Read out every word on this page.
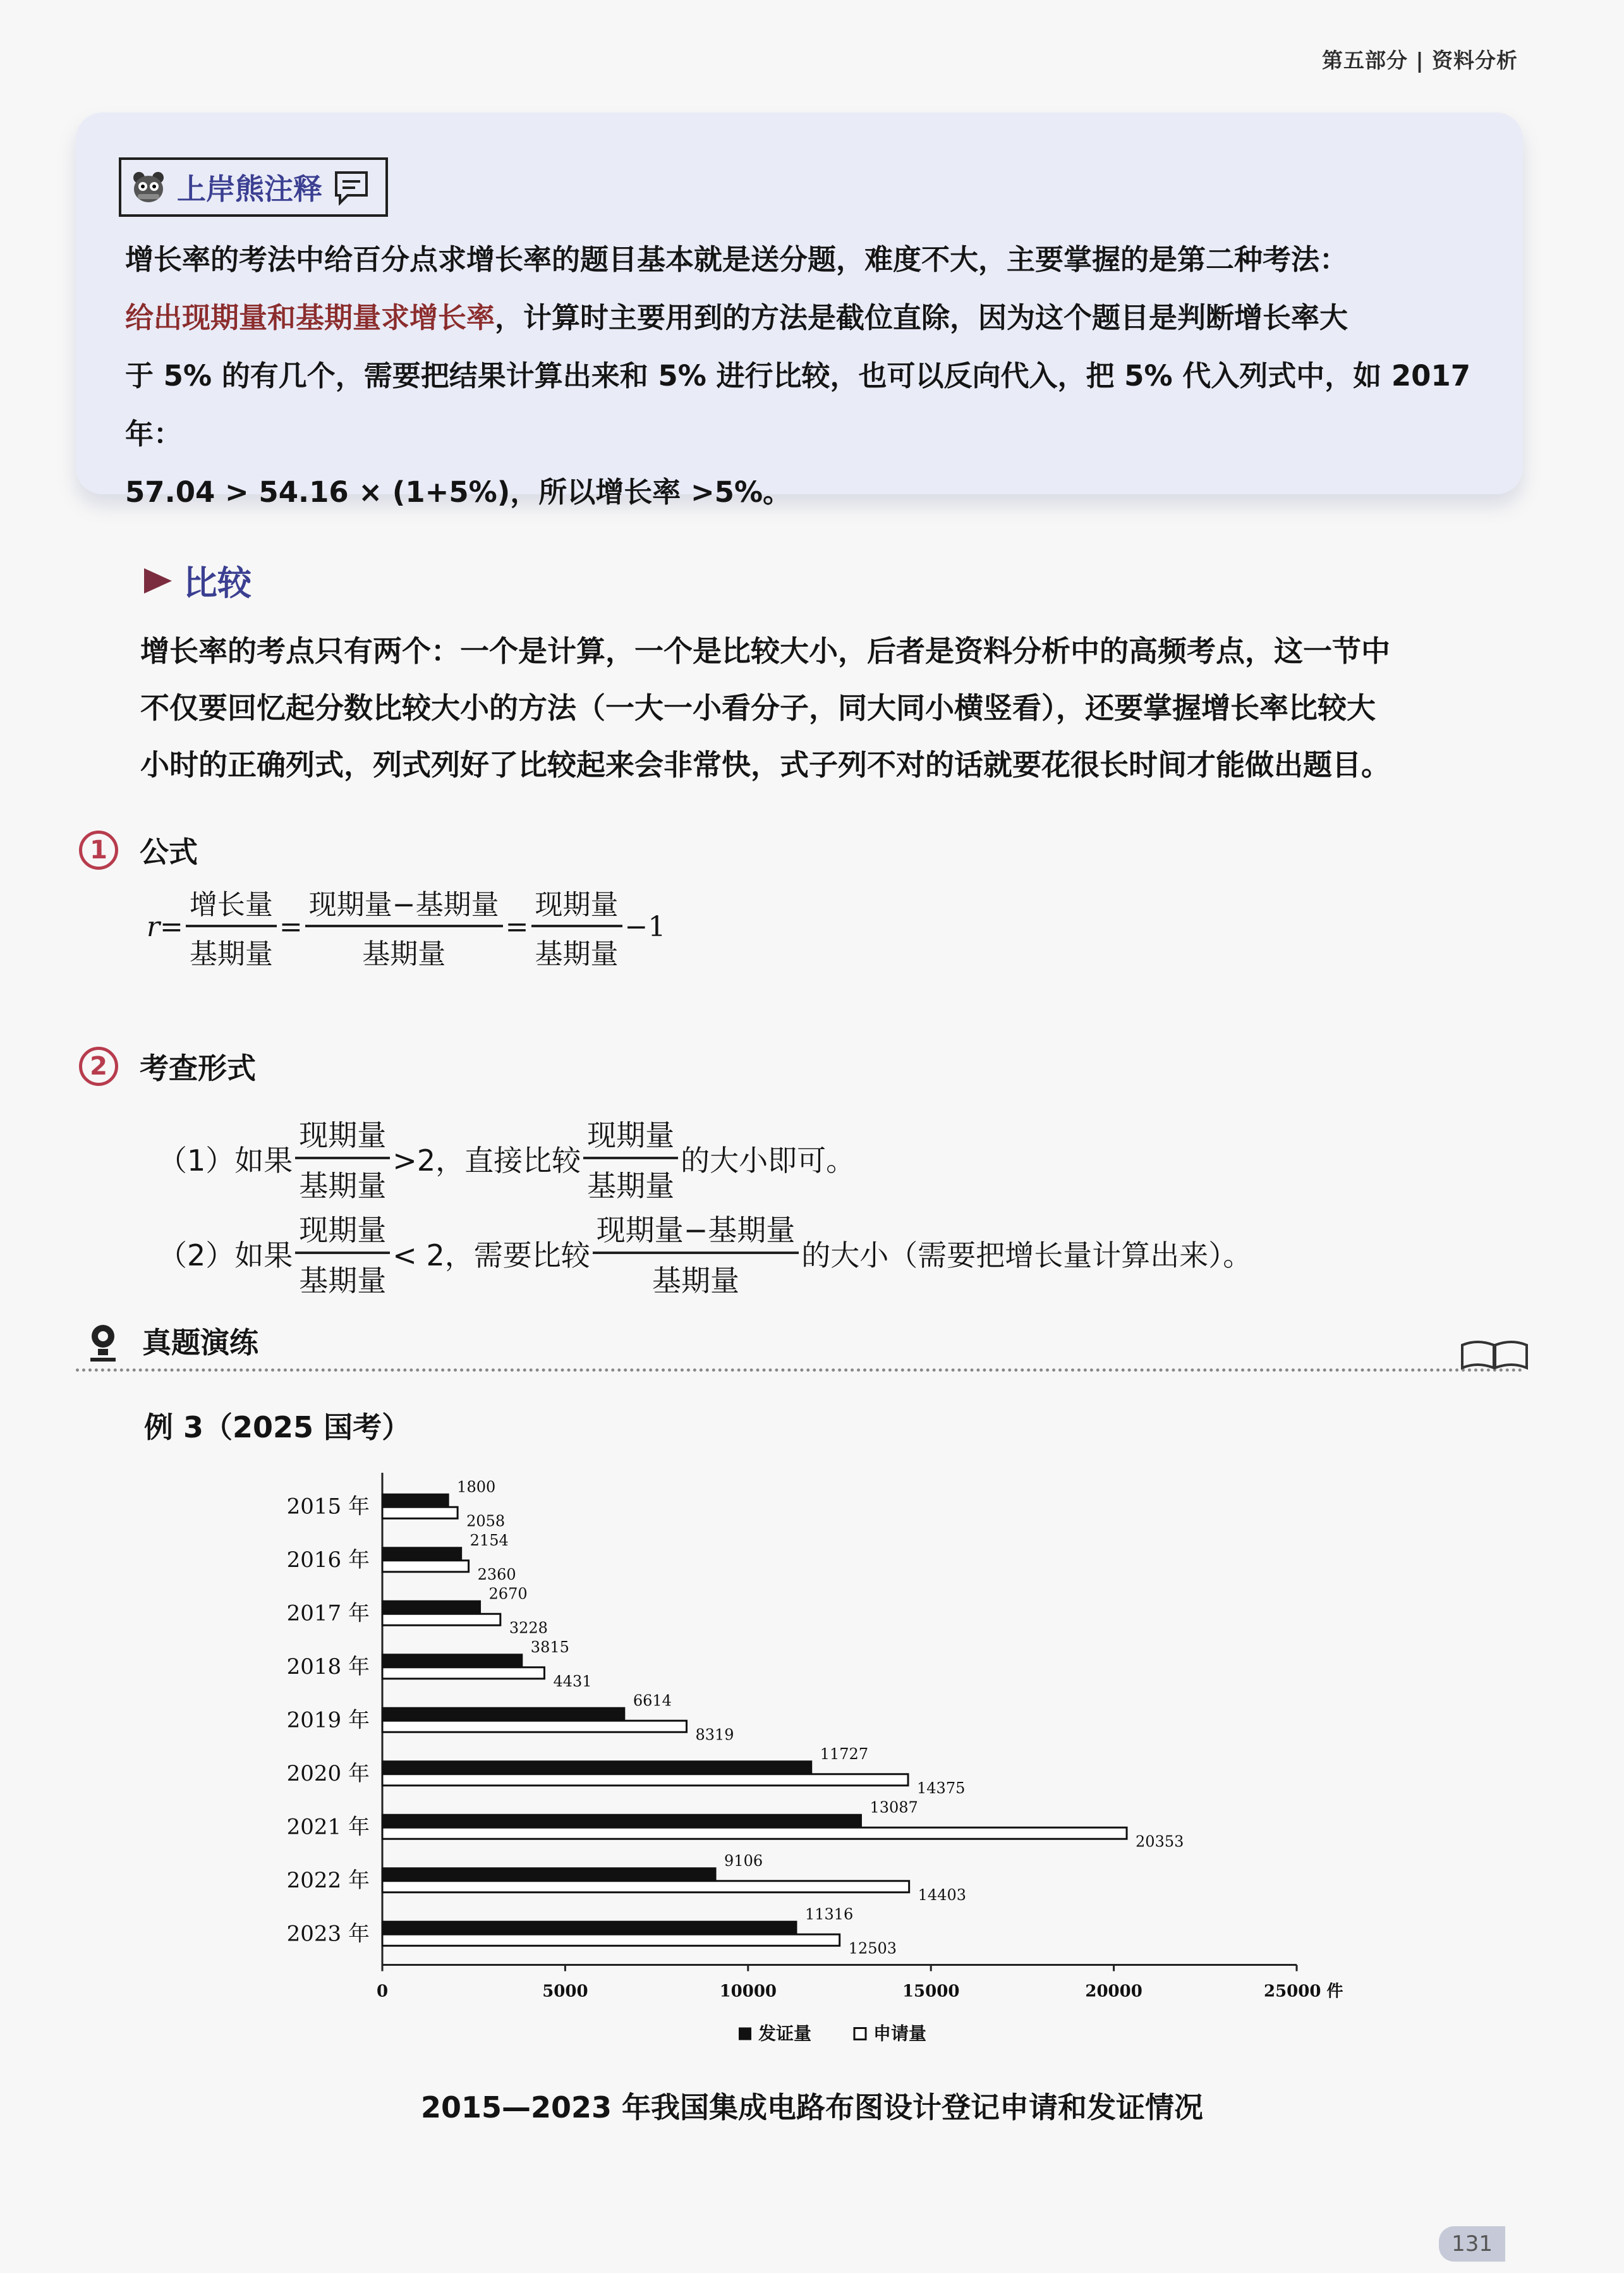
第五部分 | 资料分析
上岸熊注释
增长率的考法中给百分点求增长率的题目基本就是送分题，难度不大，主要掌握的是第二种考法：
给出现期量和基期量求增长率，计算时主要用到的方法是截位直除，因为这个题目是判断增长率大
于 5% 的有几个，需要把结果计算出来和 5% 进行比较，也可以反向代入，把 5% 代入列式中，如 2017 年：
57.04 > 54.16 × (1+5%)，所以增长率 >5%。
比较
增长率的考点只有两个：一个是计算，一个是比较大小，后者是资料分析中的高频考点，这一节中
不仅要回忆起分数比较大小的方法（一大一小看分子，同大同小横竖看），还要掌握增长率比较大
小时的正确列式，列式列好了比较起来会非常快，式子列不对的话就要花很长时间才能做出题目。
1	公式
$r = \frac{\text{增长量}}{\text{基期量}} = \frac{\text{现期量−基期量}}{\text{基期量}} = \frac{\text{现期量}}{\text{基期量}} -1$
2	考查形式
（1）如果 $\frac{\text{现期量}}{\text{基期量}} >2$，直接比较 $\frac{\text{现期量}}{\text{基期量}}$ 的大小即可。
（2）如果 $\frac{\text{现期量}}{\text{基期量}} < 2$，需要比较 $\frac{\text{现期量−基期量}}{\text{基期量}}$ 的大小（需要把增长量计算出来）。
真题演练
例 3（2025 国考）
2015 年
1800
2058
2016 年
2154
2360
2017 年
2670
3228
2018 年
3815
4431
2019 年
6614
8319
2020 年
11727
14375
2021 年
13087
20353
2022 年
9106
14403
2023 年
11316
12503
0	5000	10000	15000	20000	25000 件
发证量	申请量
2015—2023 年我国集成电路布图设计登记申请和发证情况
131
